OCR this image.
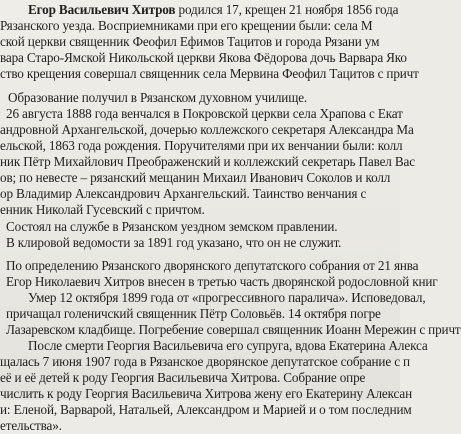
Егор Васильевич Хитров родился 17, крещен 21 ноября 1856 года
Рязанского уезда. Восприемниками при его крещении были: села М
ской церкви священник Феофил Ефимов Тацитов и города Рязани ум
вара Старо-Ямской Никольской церкви Якова Фёдорова дочь Варвара Яко
ство крещения совершал священник села Мервина Феофил Тацитов с причт
Образование получил в Рязанском духовном училище.
26 августа 1888 года венчался в Покровской церкви села Храпова с Екат
андровной Архангельской, дочерью коллежского секретаря Александра Ма
ельской, 1863 года рождения. Поручителями при их венчании были: колл
ник Пётр Михайлович Преображенский и коллежский секретарь Павел Вас
ов; по невесте – рязанский мещанин Михаил Иванович Соколов и колл
ор Владимир Александрович Архангельский. Таинство венчания с
енник Николай Гусевский с причтом.
Состоял на службе в Рязанском уездном земском правлении.
В клировой ведомости за 1891 год указано, что он не служит.
По определению Рязанского дворянского депутатского собрания от 21 янва
Егор Николаевич Хитров внесен в третью часть дворянской родословной книг
Умер 12 октября 1899 года от «прогрессивного паралича». Исповедовал,
причащал голеничский священник Пётр Соловьёв. 14 октября погре
Лазаревском кладбище. Погребение совершал священник Иоанн Мережин с причт
После смерти Георгия Васильевича его супруга, вдова Екатерина Алекса
щалась 7 июня 1907 года в Рязанское дворянское депутатское собрание с п
её и её детей к роду Георгия Васильевича Хитрова. Собрание опре
числить к роду Георгия Васильевича Хитрова жену его Екатерину Алексан
и: Еленой, Варварой, Натальей, Александром и Марией и о том последним
етельства».
